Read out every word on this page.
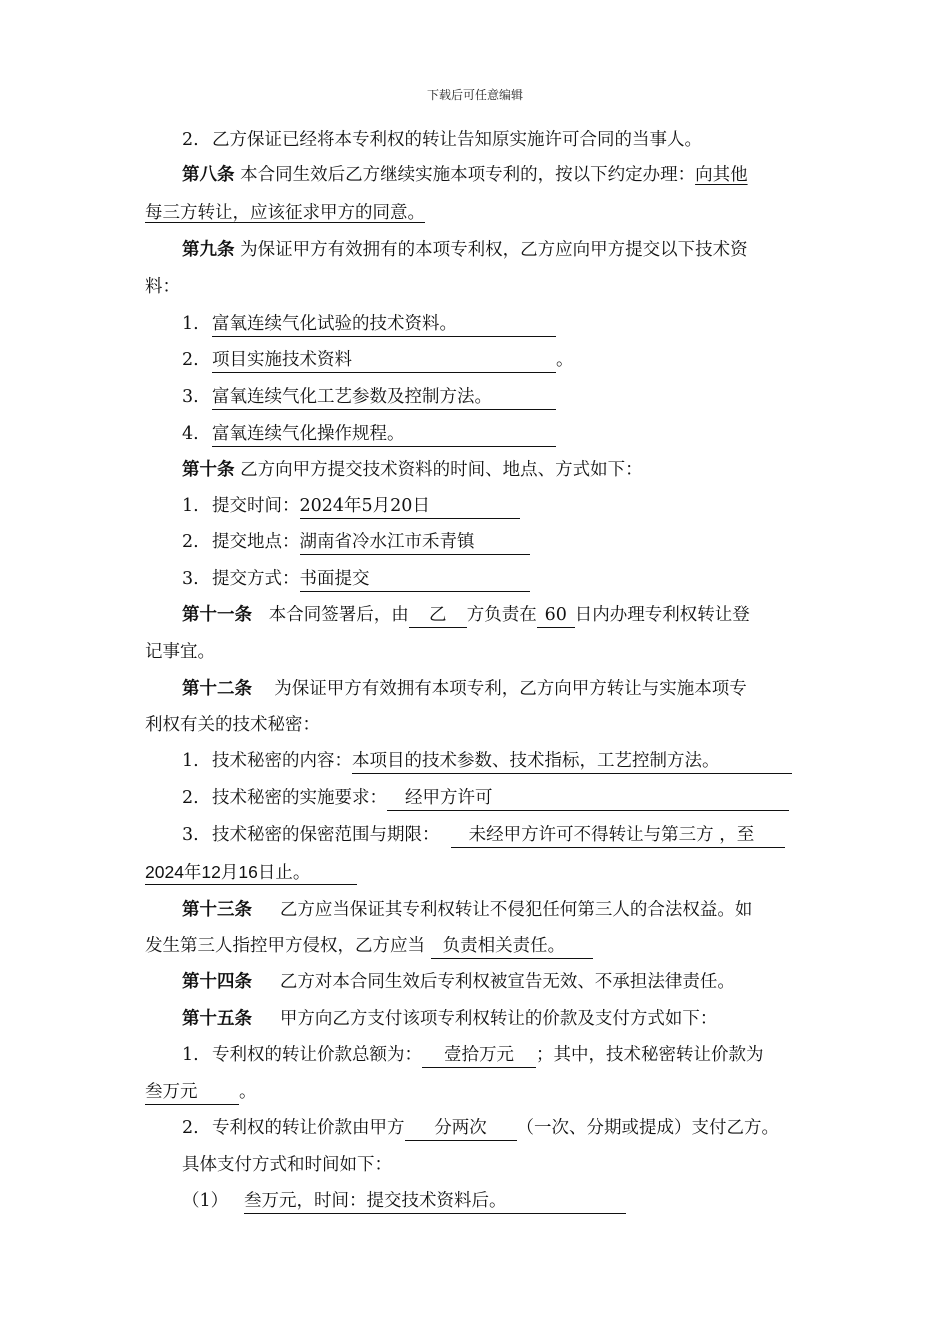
下载后可任意编辑
2. 乙方保证已经将本专利权的转让告知原实施许可合同的当事人。
第八条 本合同生效后乙方继续实施本项专利的，按以下约定办理：向其他
每三方转让，应该征求甲方的同意。
第九条 为保证甲方有效拥有的本项专利权，乙方应向甲方提交以下技术资
料：
1. 富氧连续气化试验的技术资料。
2. 项目实施技术资料	。
3. 富氧连续气化工艺参数及控制方法。
4. 富氧连续气化操作规程。
第十条 乙方向甲方提交技术资料的时间、地点、方式如下：
1. 提交时间：2024年5月20日
2. 提交地点：湖南省冷水江市禾青镇
3. 提交方式：书面提交
第十一条 本合同签署后，由 乙 方负责在 60 日内办理专利权转让登
记事宜。
第十二条 为保证甲方有效拥有本项专利，乙方向甲方转让与实施本项专
利权有关的技术秘密：
1. 技术秘密的内容：本项目的技术参数、技术指标，工艺控制方法。
2. 技术秘密的实施要求： 经甲方许可
3. 技术秘密的保密范围与期限： 未经甲方许可不得转让与第三方 ，至
2024年12月16日止。
第十三条 乙方应当保证其专利权转让不侵犯任何第三人的合法权益。如
发生第三人指控甲方侵权，乙方应当 负责相关责任。
第十四条 乙方对本合同生效后专利权被宣告无效、不承担法律责任。
第十五条 甲方向乙方支付该项专利权转让的价款及支付方式如下：
1. 专利权的转让价款总额为： 壹拾万元 ；其中，技术秘密转让价款为
叁万元 。
2. 专利权的转让价款由甲方 分两次 （一次、分期或提成）支付乙方。
具体支付方式和时间如下：
（1） 叁万元，时间：提交技术资料后。
